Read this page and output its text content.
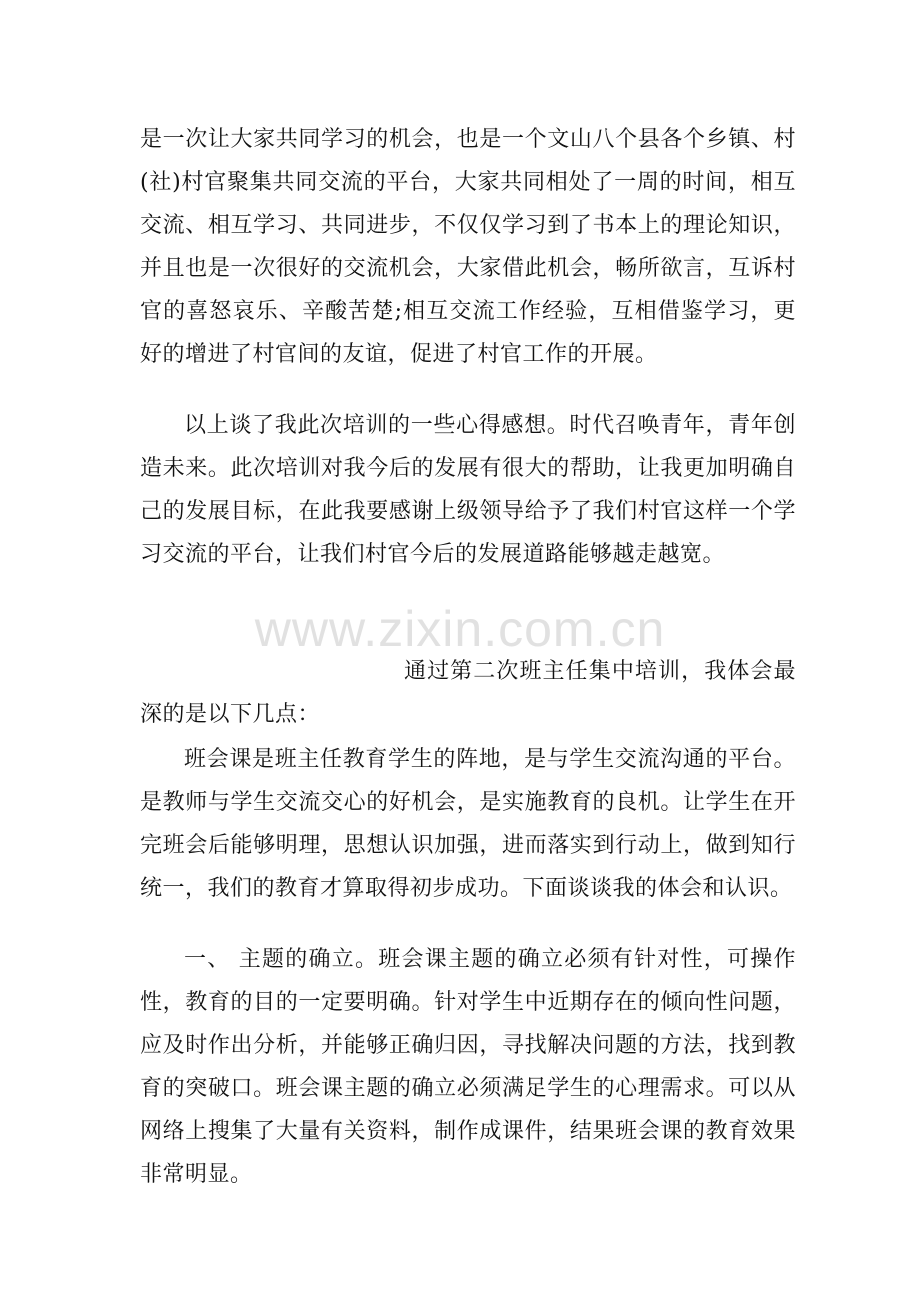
www.zixin.com.cn

是一次让大家共同学习的机会，也是一个文山八个县各个乡镇、村(社)村官聚集共同交流的平台，大家共同相处了一周的时间，相互交流、相互学习、共同进步，不仅仅学习到了书本上的理论知识，并且也是一次很好的交流机会，大家借此机会，畅所欲言，互诉村官的喜怒哀乐、辛酸苦楚;相互交流工作经验，互相借鉴学习，更好的增进了村官间的友谊，促进了村官工作的开展。

以上谈了我此次培训的一些心得感想。时代召唤青年，青年创造未来。此次培训对我今后的发展有很大的帮助，让我更加明确自己的发展目标，在此我要感谢上级领导给予了我们村官这样一个学习交流的平台，让我们村官今后的发展道路能够越走越宽。

通过第二次班主任集中培训，我体会最深的是以下几点：

班会课是班主任教育学生的阵地，是与学生交流沟通的平台。是教师与学生交流交心的好机会，是实施教育的良机。让学生在开完班会后能够明理，思想认识加强，进而落实到行动上，做到知行统一，我们的教育才算取得初步成功。下面谈谈我的体会和认识。

一、 主题的确立。班会课主题的确立必须有针对性，可操作性，教育的目的一定要明确。针对学生中近期存在的倾向性问题，应及时作出分析，并能够正确归因，寻找解决问题的方法，找到教育的突破口。班会课主题的确立必须满足学生的心理需求。可以从网络上搜集了大量有关资料，制作成课件，结果班会课的教育效果非常明显。
